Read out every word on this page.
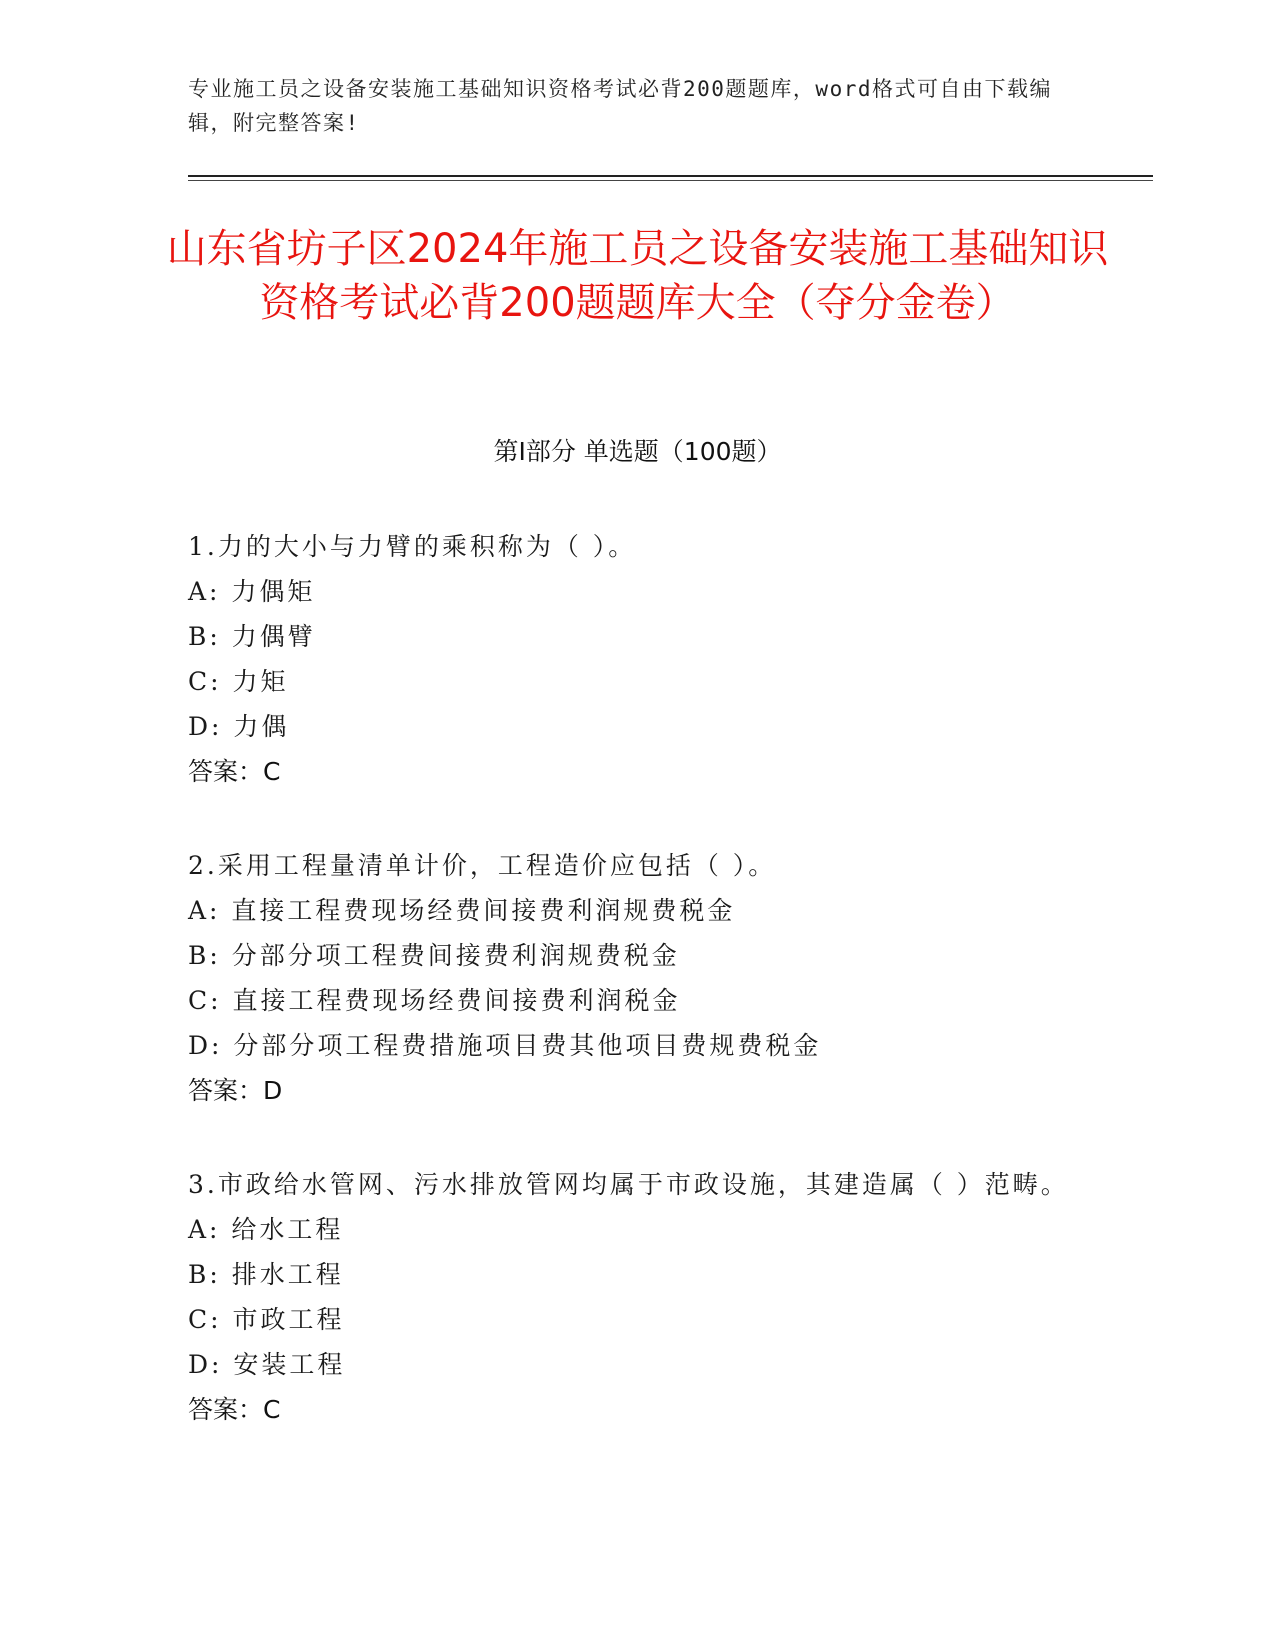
专业施工员之设备安装施工基础知识资格考试必背200题题库，word格式可自由下载编辑，附完整答案!
山东省坊子区2024年施工员之设备安装施工基础知识资格考试必背200题题库大全（夺分金卷）
第I部分 单选题（100题）
1.力的大小与力臂的乘积称为（ ）。
A: 力偶矩
B: 力偶臂
C: 力矩
D: 力偶
答案：C
2.采用工程量清单计价，工程造价应包括（ ）。
A: 直接工程费现场经费间接费利润规费税金
B: 分部分项工程费间接费利润规费税金
C: 直接工程费现场经费间接费利润税金
D: 分部分项工程费措施项目费其他项目费规费税金
答案：D
3.市政给水管网、污水排放管网均属于市政设施，其建造属（ ）范畴。
A: 给水工程
B: 排水工程
C: 市政工程
D: 安装工程
答案：C
